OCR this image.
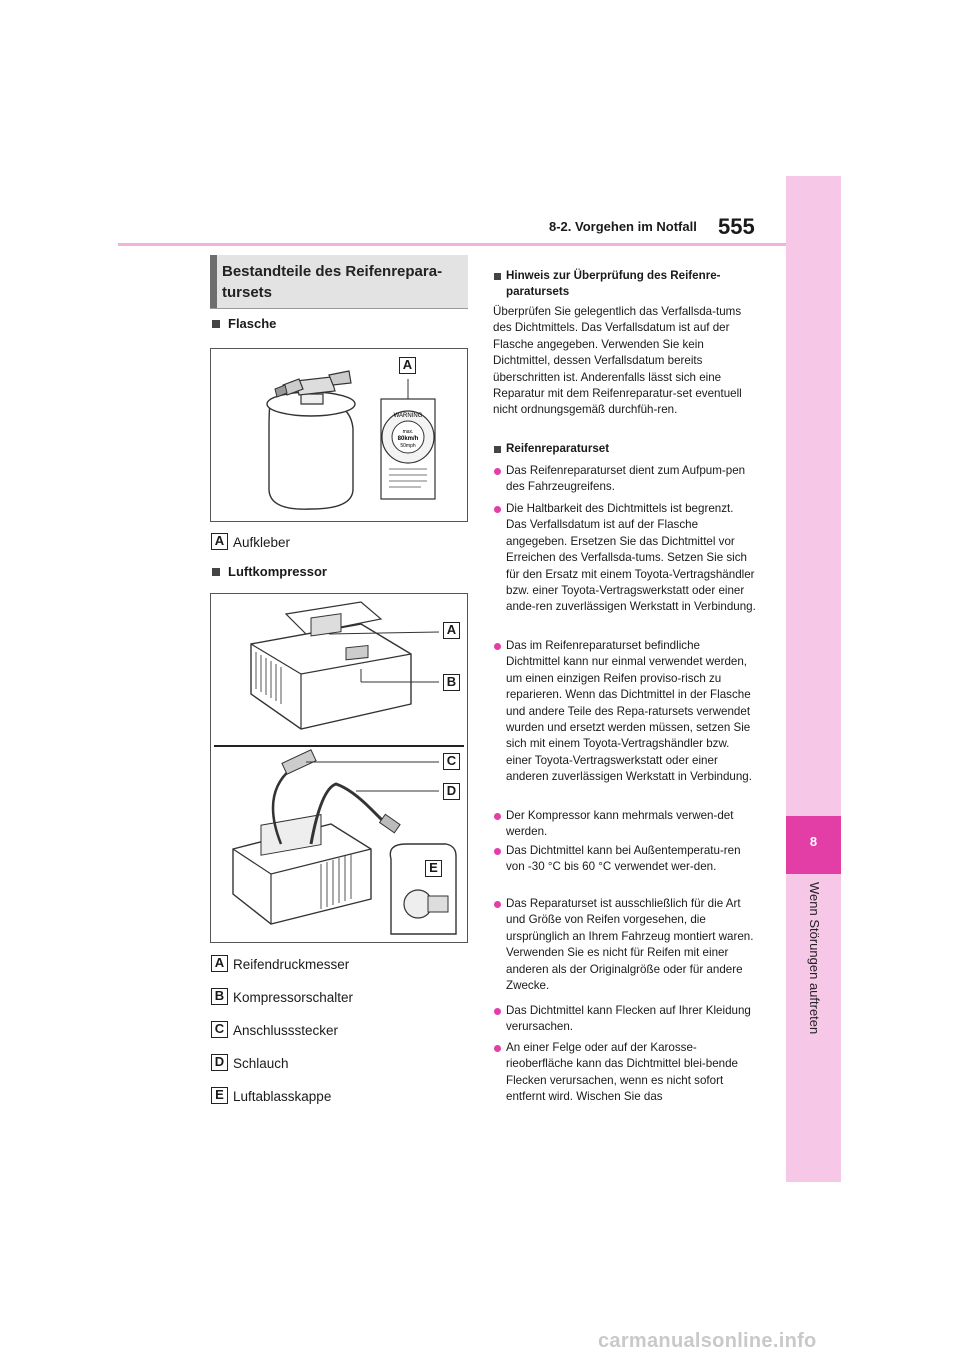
8-2. Vorgehen im Notfall 555
8
Wenn Störungen auftreten
Bestandteile des Reifenrepara-tursets
Flasche
WARNING
max.
80km/h
50mph
A
A Aufkleber
Luftkompressor
A
B
C
D
E
A Reifendruckmesser
B Kompressorschalter
C Anschlussstecker
D Schlauch
E Luftablasskappe
Hinweis zur Überprüfung des Reifenre-paratursets
Überprüfen Sie gelegentlich das Verfallsda-tums des Dichtmittels. Das Verfallsdatum ist auf der Flasche angegeben. Verwenden Sie kein Dichtmittel, dessen Verfallsdatum bereits überschritten ist. Anderenfalls lässt sich eine Reparatur mit dem Reifenreparatur-set eventuell nicht ordnungsgemäß durchfüh-ren.
Reifenreparaturset
Das Reifenreparaturset dient zum Aufpum-pen des Fahrzeugreifens.
Die Haltbarkeit des Dichtmittels ist begrenzt. Das Verfallsdatum ist auf der Flasche angegeben. Ersetzen Sie das Dichtmittel vor Erreichen des Verfallsda-tums. Setzen Sie sich für den Ersatz mit einem Toyota-Vertragshändler bzw. einer Toyota-Vertragswerkstatt oder einer ande-ren zuverlässigen Werkstatt in Verbindung.
Das im Reifenreparaturset befindliche Dichtmittel kann nur einmal verwendet werden, um einen einzigen Reifen proviso-risch zu reparieren. Wenn das Dichtmittel in der Flasche und andere Teile des Repa-ratursets verwendet wurden und ersetzt werden müssen, setzen Sie sich mit einem Toyota-Vertragshändler bzw. einer Toyota-Vertragswerkstatt oder einer anderen zuverlässigen Werkstatt in Verbindung.
Der Kompressor kann mehrmals verwen-det werden.
Das Dichtmittel kann bei Außentemperatu-ren von -30 °C bis 60 °C verwendet wer-den.
Das Reparaturset ist ausschließlich für die Art und Größe von Reifen vorgesehen, die ursprünglich an Ihrem Fahrzeug montiert waren. Verwenden Sie es nicht für Reifen mit einer anderen als der Originalgröße oder für andere Zwecke.
Das Dichtmittel kann Flecken auf Ihrer Kleidung verursachen.
An einer Felge oder auf der Karosse-rieoberfläche kann das Dichtmittel blei-bende Flecken verursachen, wenn es nicht sofort entfernt wird. Wischen Sie das
carmanualsonline.info
